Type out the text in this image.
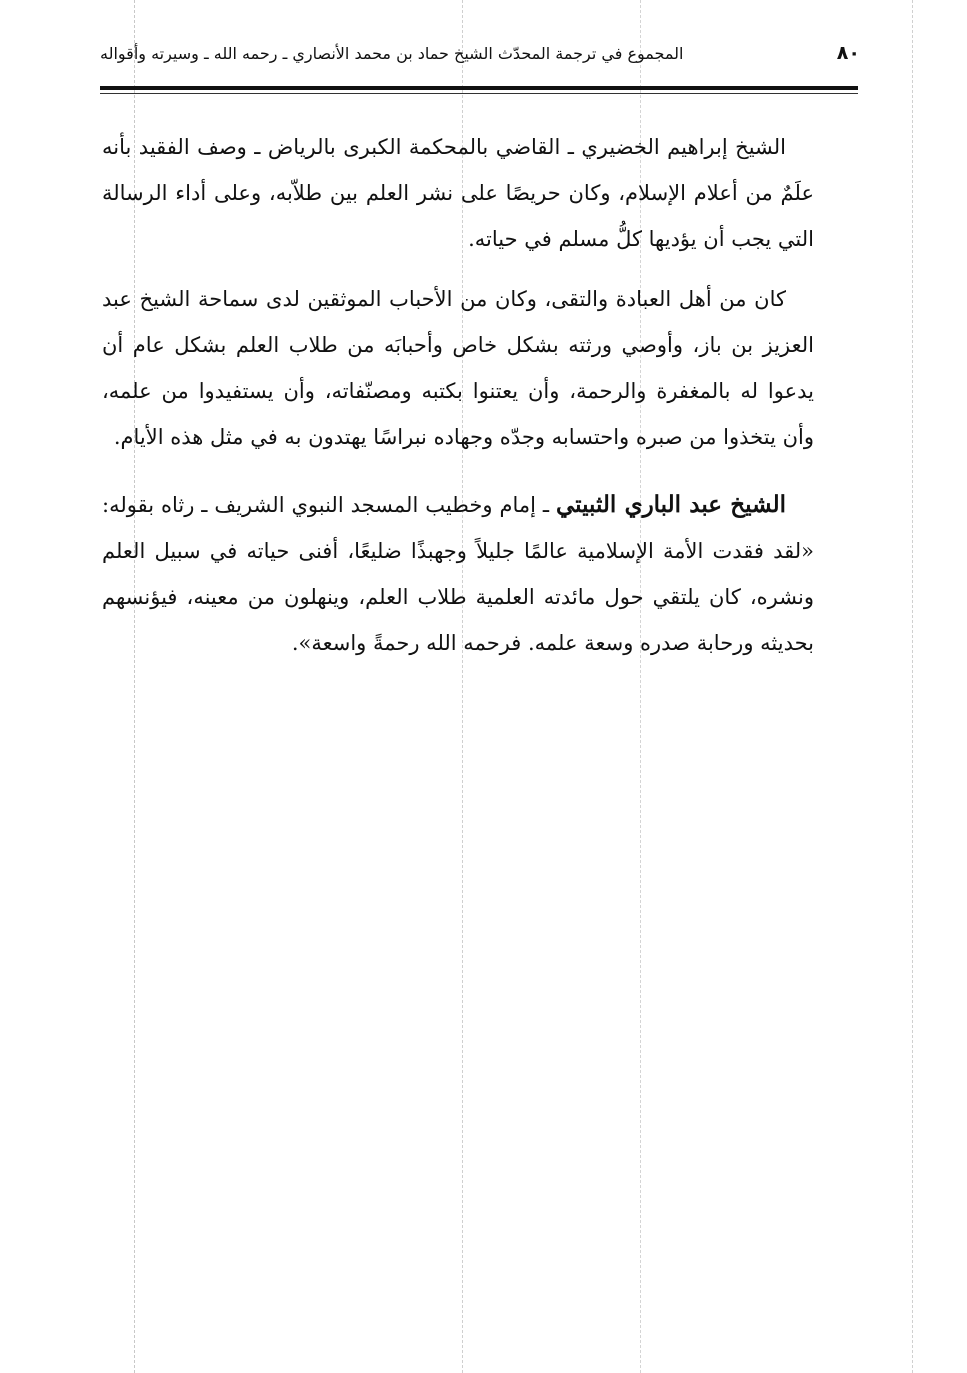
٨٠
المجموع في ترجمة المحدّث الشيخ حماد بن محمد الأنصاري ـ رحمه الله ـ وسيرته وأقواله

الشيخ إبراهيم الخضيري ـ القاضي بالمحكمة الكبرى بالرياض ـ وصف الفقيد بأنه علَمٌ من أعلام الإسلام، وكان حريصًا على نشر العلم بين طلاّبه، وعلى أداء الرسالة التي يجب أن يؤديها كلُّ مسلم في حياته.

كان من أهل العبادة والتقى، وكان من الأحباب الموثقين لدى سماحة الشيخ عبد العزيز بن باز، وأوصي ورثته بشكل خاص وأحبابَه من طلاب العلم بشكل عام أن يدعوا له بالمغفرة والرحمة، وأن يعتنوا بكتبه ومصنّفاته، وأن يستفيدوا من علمه، وأن يتخذوا من صبره واحتسابه وجدّه وجهاده نبراسًا يهتدون به في مثل هذه الأيام.

الشيخ عبد الباري الثبيتي ـ إمام وخطيب المسجد النبوي الشريف ـ رثاه بقوله: «لقد فقدت الأمة الإسلامية عالمًا جليلاً وجهبذًا ضليعًا، أفنى حياته في سبيل العلم ونشره، كان يلتقي حول مائدته العلمية طلاب العلم، وينهلون من معينه، فيؤنسهم بحديثه ورحابة صدره وسعة علمه. فرحمه الله رحمةً واسعة».
